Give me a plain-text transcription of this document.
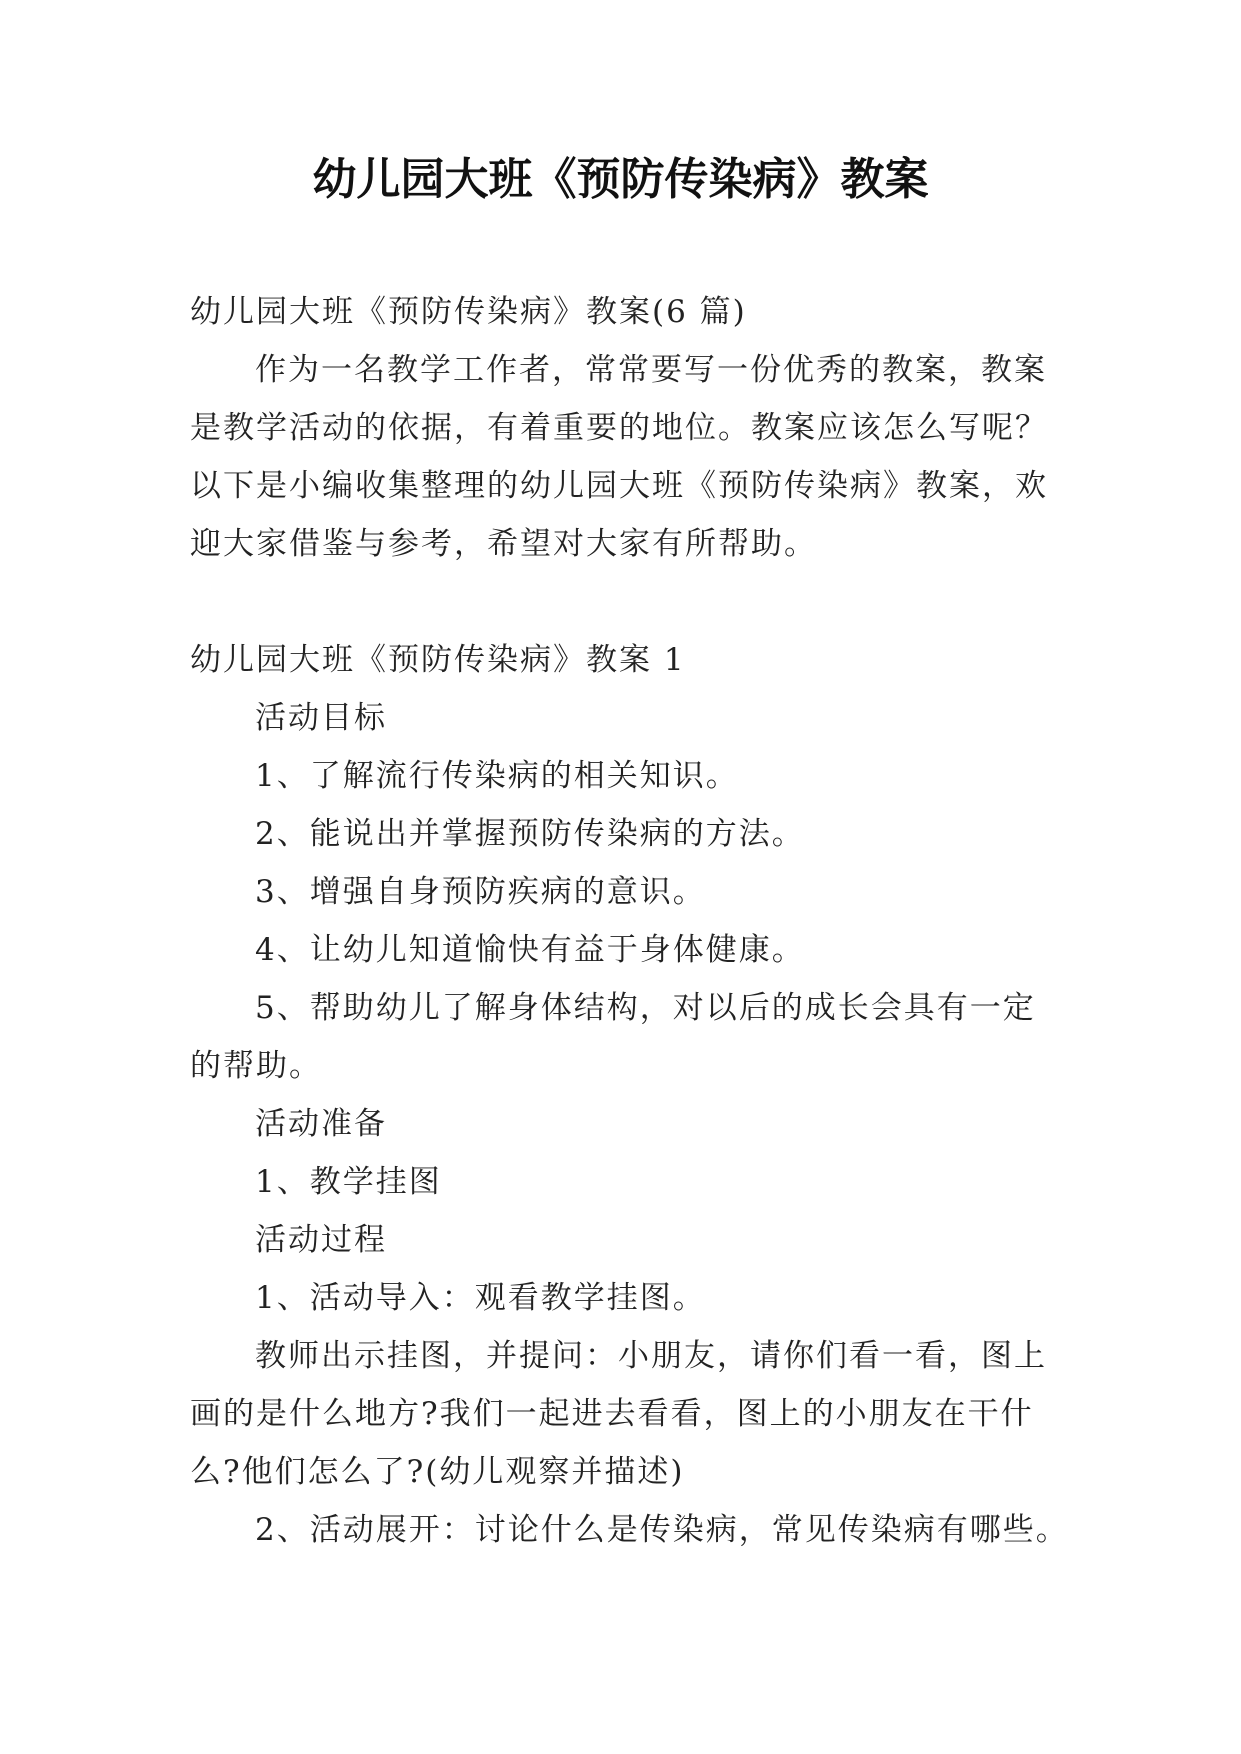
幼儿园大班《预防传染病》教案
幼儿园大班《预防传染病》教案(6 篇)
作为一名教学工作者，常常要写一份优秀的教案，教案
是教学活动的依据，有着重要的地位。教案应该怎么写呢？
以下是小编收集整理的幼儿园大班《预防传染病》教案，欢
迎大家借鉴与参考，希望对大家有所帮助。
幼儿园大班《预防传染病》教案 1
活动目标
1、了解流行传染病的相关知识。
2、能说出并掌握预防传染病的方法。
3、增强自身预防疾病的意识。
4、让幼儿知道愉快有益于身体健康。
5、帮助幼儿了解身体结构，对以后的成长会具有一定
的帮助。
活动准备
1、教学挂图
活动过程
1、活动导入：观看教学挂图。
教师出示挂图，并提问：小朋友，请你们看一看，图上
画的是什么地方?我们一起进去看看，图上的小朋友在干什
么?他们怎么了?(幼儿观察并描述)
2、活动展开：讨论什么是传染病，常见传染病有哪些。
